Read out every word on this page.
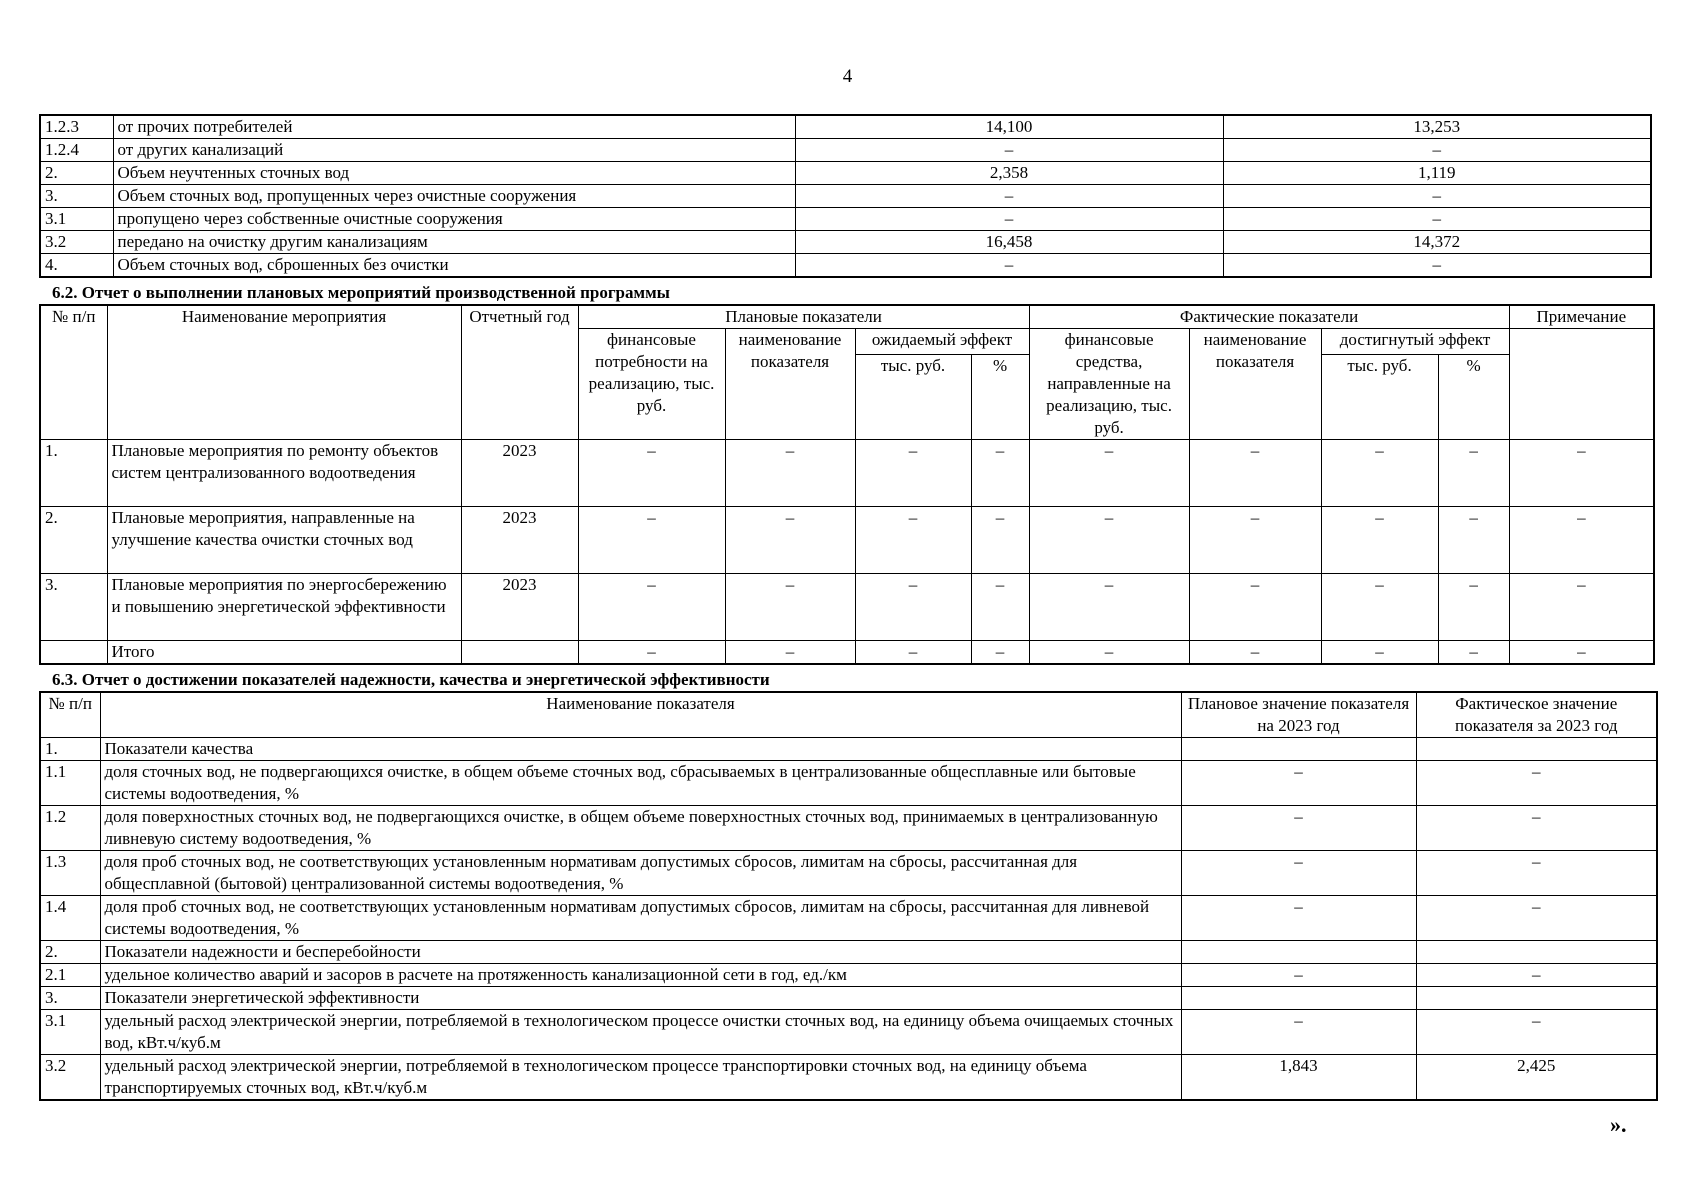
4
1.2.3	от прочих потребителей	14,100	13,253
1.2.4	от других канализаций	–	–
2.	Объем неучтенных сточных вод	2,358	1,119
3.	Объем сточных вод, пропущенных через очистные сооружения	–	–
3.1	пропущено через собственные очистные сооружения	–	–
3.2	передано на очистку другим канализациям	16,458	14,372
4.	Объем сточных вод, сброшенных без очистки	–	–
6.2. Отчет о выполнении плановых мероприятий производственной программы
№ п/п	Наименование мероприятия	Отчетный год	Плановые показатели				Фактические показатели				Примечание
			финансовые потребности на реализацию, тыс. руб.	наименование показателя	ожидаемый эффект		финансовые средства, направленные на реализацию, тыс. руб.	наименование показателя	достигнутый эффект		
					тыс. руб.	%			тыс. руб.	%	
1.	Плановые мероприятия по ремонту объектов систем централизованного водоотведения	2023	–	–	–	–	–	–	–	–	–
2.	Плановые мероприятия, направленные на улучшение качества очистки сточных вод	2023	–	–	–	–	–	–	–	–	–
3.	Плановые мероприятия по энергосбережению и повышению энергетической эффективности	2023	–	–	–	–	–	–	–	–	–
	Итого		–	–	–	–	–	–	–	–	–
6.3. Отчет о достижении показателей надежности, качества и энергетической эффективности
№ п/п	Наименование показателя	Плановое значение показателя на 2023 год	Фактическое значение показателя за 2023 год
1.	Показатели качества		
1.1	доля сточных вод, не подвергающихся очистке, в общем объеме сточных вод, сбрасываемых в централизованные общесплавные или бытовые системы водоотведения, %	–	–
1.2	доля поверхностных сточных вод, не подвергающихся очистке, в общем объеме поверхностных сточных вод, принимаемых в централизованную ливневую систему водоотведения, %	–	–
1.3	доля проб сточных вод, не соответствующих установленным нормативам допустимых сбросов, лимитам на сбросы, рассчитанная для общесплавной (бытовой) централизованной системы водоотведения, %	–	–
1.4	доля проб сточных вод, не соответствующих установленным нормативам допустимых сбросов, лимитам на сбросы, рассчитанная для ливневой системы водоотведения, %	–	–
2.	Показатели надежности и бесперебойности		
2.1	удельное количество аварий и засоров в расчете на протяженность канализационной сети в год, ед./км	–	–
3.	Показатели энергетической эффективности		
3.1	удельный расход электрической энергии, потребляемой в технологическом процессе очистки сточных вод, на единицу объема очищаемых сточных вод, кВт.ч/куб.м	–	–
3.2	удельный расход электрической энергии, потребляемой в технологическом процессе транспортировки сточных вод, на единицу объема транспортируемых сточных вод, кВт.ч/куб.м	1,843	2,425
».
